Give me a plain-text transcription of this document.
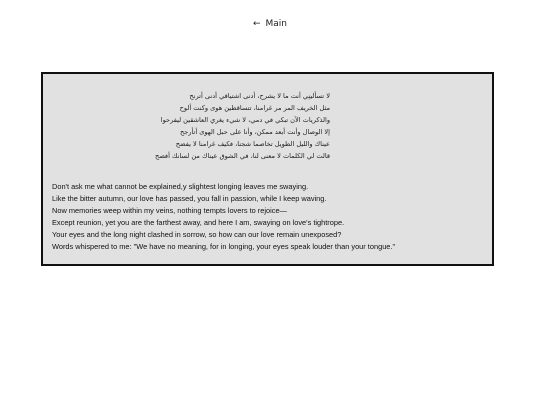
← Main
لا تسألينِي أنت ما لا يشرح، أدنى اشتياقي أدنى أترنح
مثل الخريف المر مر غرامنا، تتساقطين هوى وكنت ألوح
والذكريات الآن تبكي في دمي، لا شيء يغري العاشقين ليفرحوا
إلا الوصال وأنت أبعد ممكن، وأنا على حبل الهوى أتأرجح
عيناك والليل الطويل تخاصما شجنا، فكيف غرامنا لا يفضح
قالت لي الكلمات لا معنى لنا، في الشوق عيناك من لسانك أفصح
Don't ask me what cannot be explained,y slightest longing leaves me swaying.
Like the bitter autumn, our love has passed, you fall in passion, while I keep waving.
Now memories weep within my veins, nothing tempts lovers to rejoice—
Except reunion, yet you are the farthest away, and here I am, swaying on love's tightrope.
Your eyes and the long night clashed in sorrow, so how can our love remain unexposed?
Words whispered to me: "We have no meaning, for in longing, your eyes speak louder than your tongue."
